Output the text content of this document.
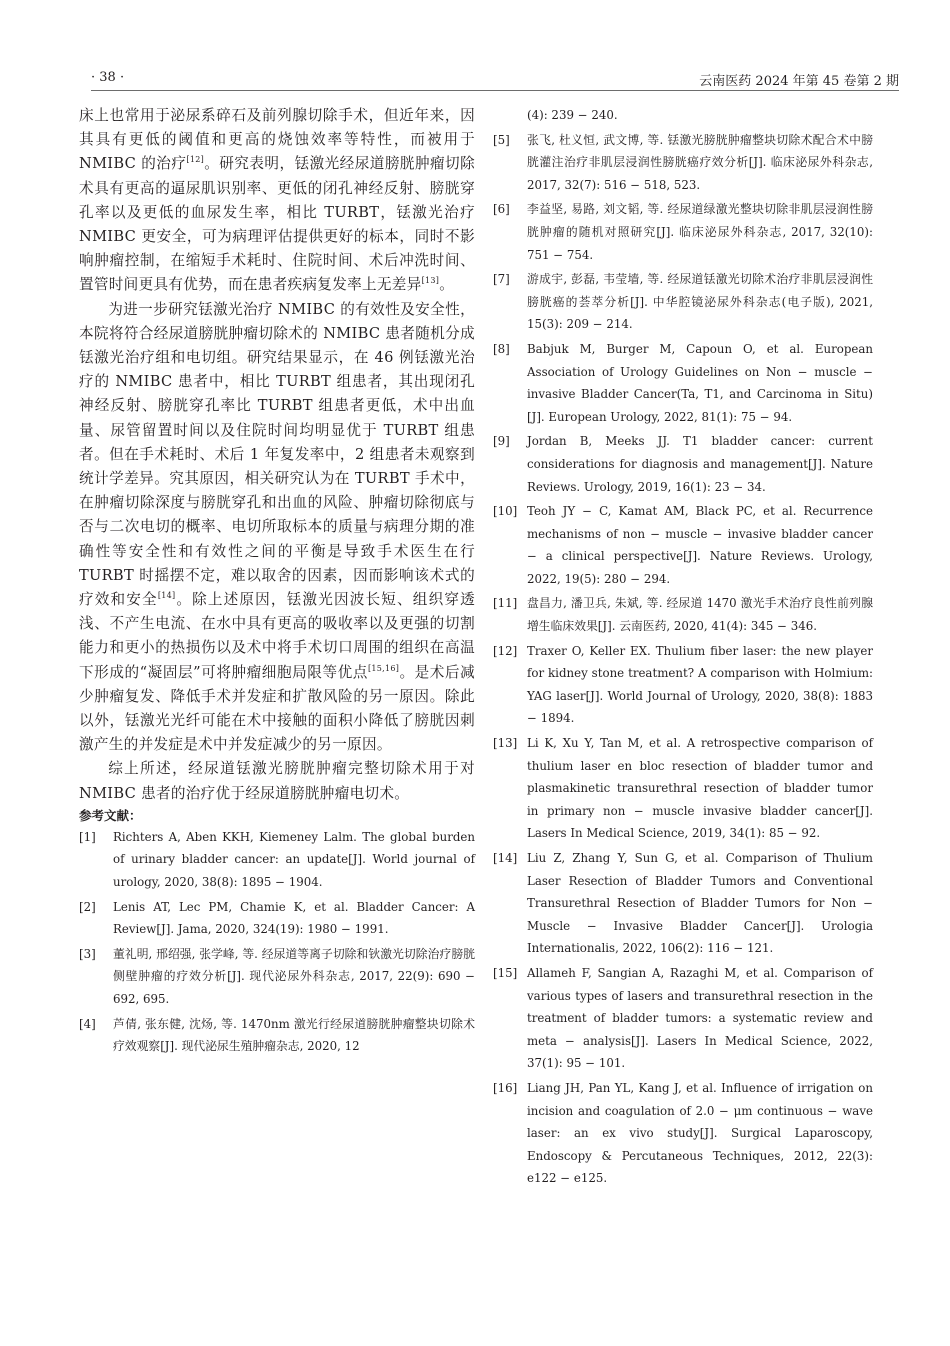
· 38 ·	云南医药 2024 年第 45 卷第 2 期

床上也常用于泌尿系碎石及前列腺切除手术，但近年来，因其具有更低的阈值和更高的烧蚀效率等特性，而被用于 NMIBC 的治疗[12]。研究表明，铥激光经尿道膀胱肿瘤切除术具有更高的逼尿肌识别率、更低的闭孔神经反射、膀胱穿孔率以及更低的血尿发生率，相比 TURBT，铥激光治疗 NMIBC 更安全，可为病理评估提供更好的标本，同时不影响肿瘤控制，在缩短手术耗时、住院时间、术后冲洗时间、置管时间更具有优势，而在患者疾病复发率上无差异[13]。

为进一步研究铥激光治疗 NMIBC 的有效性及安全性，本院将符合经尿道膀胱肿瘤切除术的 NMIBC 患者随机分成铥激光治疗组和电切组。研究结果显示，在 46 例铥激光治疗的 NMIBC 患者中，相比 TURBT 组患者，其出现闭孔神经反射、膀胱穿孔率比 TURBT 组患者更低，术中出血量、尿管留置时间以及住院时间均明显优于 TURBT 组患者。但在手术耗时、术后 1 年复发率中，2 组患者未观察到统计学差异。究其原因，相关研究认为在 TURBT 手术中，在肿瘤切除深度与膀胱穿孔和出血的风险、肿瘤切除彻底与否与二次电切的概率、电切所取标本的质量与病理分期的准确性等安全性和有效性之间的平衡是导致手术医生在行 TURBT 时摇摆不定，难以取舍的因素，因而影响该术式的疗效和安全[14]。除上述原因，铥激光因波长短、组织穿透浅、不产生电流、在水中具有更高的吸收率以及更强的切割能力和更小的热损伤以及术中将手术切口周围的组织在高温下形成的“凝固层”可将肿瘤细胞局限等优点[15,16]。是术后减少肿瘤复发、降低手术并发症和扩散风险的另一原因。除此以外，铥激光光纤可能在术中接触的面积小降低了膀胱因刺激产生的并发症是术中并发症减少的另一原因。

综上所述，经尿道铥激光膀胱肿瘤完整切除术用于对 NMIBC 患者的治疗优于经尿道膀胱肿瘤电切术。

参考文献：

[1]	Richters A, Aben KKH, Kiemeney Lalm. The global burden of urinary bladder cancer: an update[J]. World journal of urology, 2020, 38(8): 1895 − 1904.
[2]	Lenis AT, Lec PM, Chamie K, et al. Bladder Cancer: A Review[J]. Jama, 2020, 324(19): 1980 − 1991.
[3]	董礼明, 邢绍强, 张学峰, 等. 经尿道等离子切除和钬激光切除治疗膀胱侧壁肿瘤的疗效分析[J]. 现代泌尿外科杂志, 2017, 22(9): 690 − 692, 695.
[4]	芦倩, 张东健, 沈炀, 等. 1470nm 激光行经尿道膀胱肿瘤整块切除术疗效观察[J]. 现代泌尿生殖肿瘤杂志, 2020, 12
(4): 239 − 240.
[5]	张飞, 杜义恒, 武文博, 等. 铥激光膀胱肿瘤整块切除术配合术中膀胱灌注治疗非肌层浸润性膀胱癌疗效分析[J]. 临床泌尿外科杂志, 2017, 32(7): 516 − 518, 523.
[6]	李益坚, 易路, 刘文韬, 等. 经尿道绿激光整块切除非肌层浸润性膀胱肿瘤的随机对照研究[J]. 临床泌尿外科杂志, 2017, 32(10): 751 − 754.
[7]	游成宇, 彭磊, 韦莹墙, 等. 经尿道铥激光切除术治疗非肌层浸润性膀胱癌的荟萃分析[J]. 中华腔镜泌尿外科杂志(电子版), 2021, 15(3): 209 − 214.
[8]	Babjuk M, Burger M, Capoun O, et al. European Association of Urology Guidelines on Non − muscle − invasive Bladder Cancer(Ta, T1, and Carcinoma in Situ)[J]. European Urology, 2022, 81(1): 75 − 94.
[9]	Jordan B, Meeks JJ. T1 bladder cancer: current considerations for diagnosis and management[J]. Nature Reviews. Urology, 2019, 16(1): 23 − 34.
[10] Teoh JY − C, Kamat AM, Black PC, et al. Recurrence mechanisms of non − muscle − invasive bladder cancer − a clinical perspective[J]. Nature Reviews. Urology, 2022, 19(5): 280 − 294.
[11] 盘昌力, 潘卫兵, 朱斌, 等. 经尿道 1470 激光手术治疗良性前列腺增生临床效果[J]. 云南医药, 2020, 41(4): 345 − 346.
[12] Traxer O, Keller EX. Thulium fiber laser: the new player for kidney stone treatment? A comparison with Holmium: YAG laser[J]. World Journal of Urology, 2020, 38(8): 1883 − 1894.
[13] Li K, Xu Y, Tan M, et al. A retrospective comparison of thulium laser en bloc resection of bladder tumor and plasmakinetic transurethral resection of bladder tumor in primary non − muscle invasive bladder cancer[J]. Lasers In Medical Science, 2019, 34(1): 85 − 92.
[14] Liu Z, Zhang Y, Sun G, et al. Comparison of Thulium Laser Resection of Bladder Tumors and Conventional Transurethral Resection of Bladder Tumors for Non − Muscle − Invasive Bladder Cancer[J]. Urologia Internationalis, 2022, 106(2): 116 − 121.
[15] Allameh F, Sangian A, Razaghi M, et al. Comparison of various types of lasers and transurethral resection in the treatment of bladder tumors: a systematic review and meta − analysis[J]. Lasers In Medical Science, 2022, 37(1): 95 − 101.
[16] Liang JH, Pan YL, Kang J, et al. Influence of irrigation on incision and coagulation of 2.0 − μm continuous − wave laser: an ex vivo study[J]. Surgical Laparoscopy, Endoscopy & Percutaneous Techniques, 2012, 22(3): e122 − e125.
